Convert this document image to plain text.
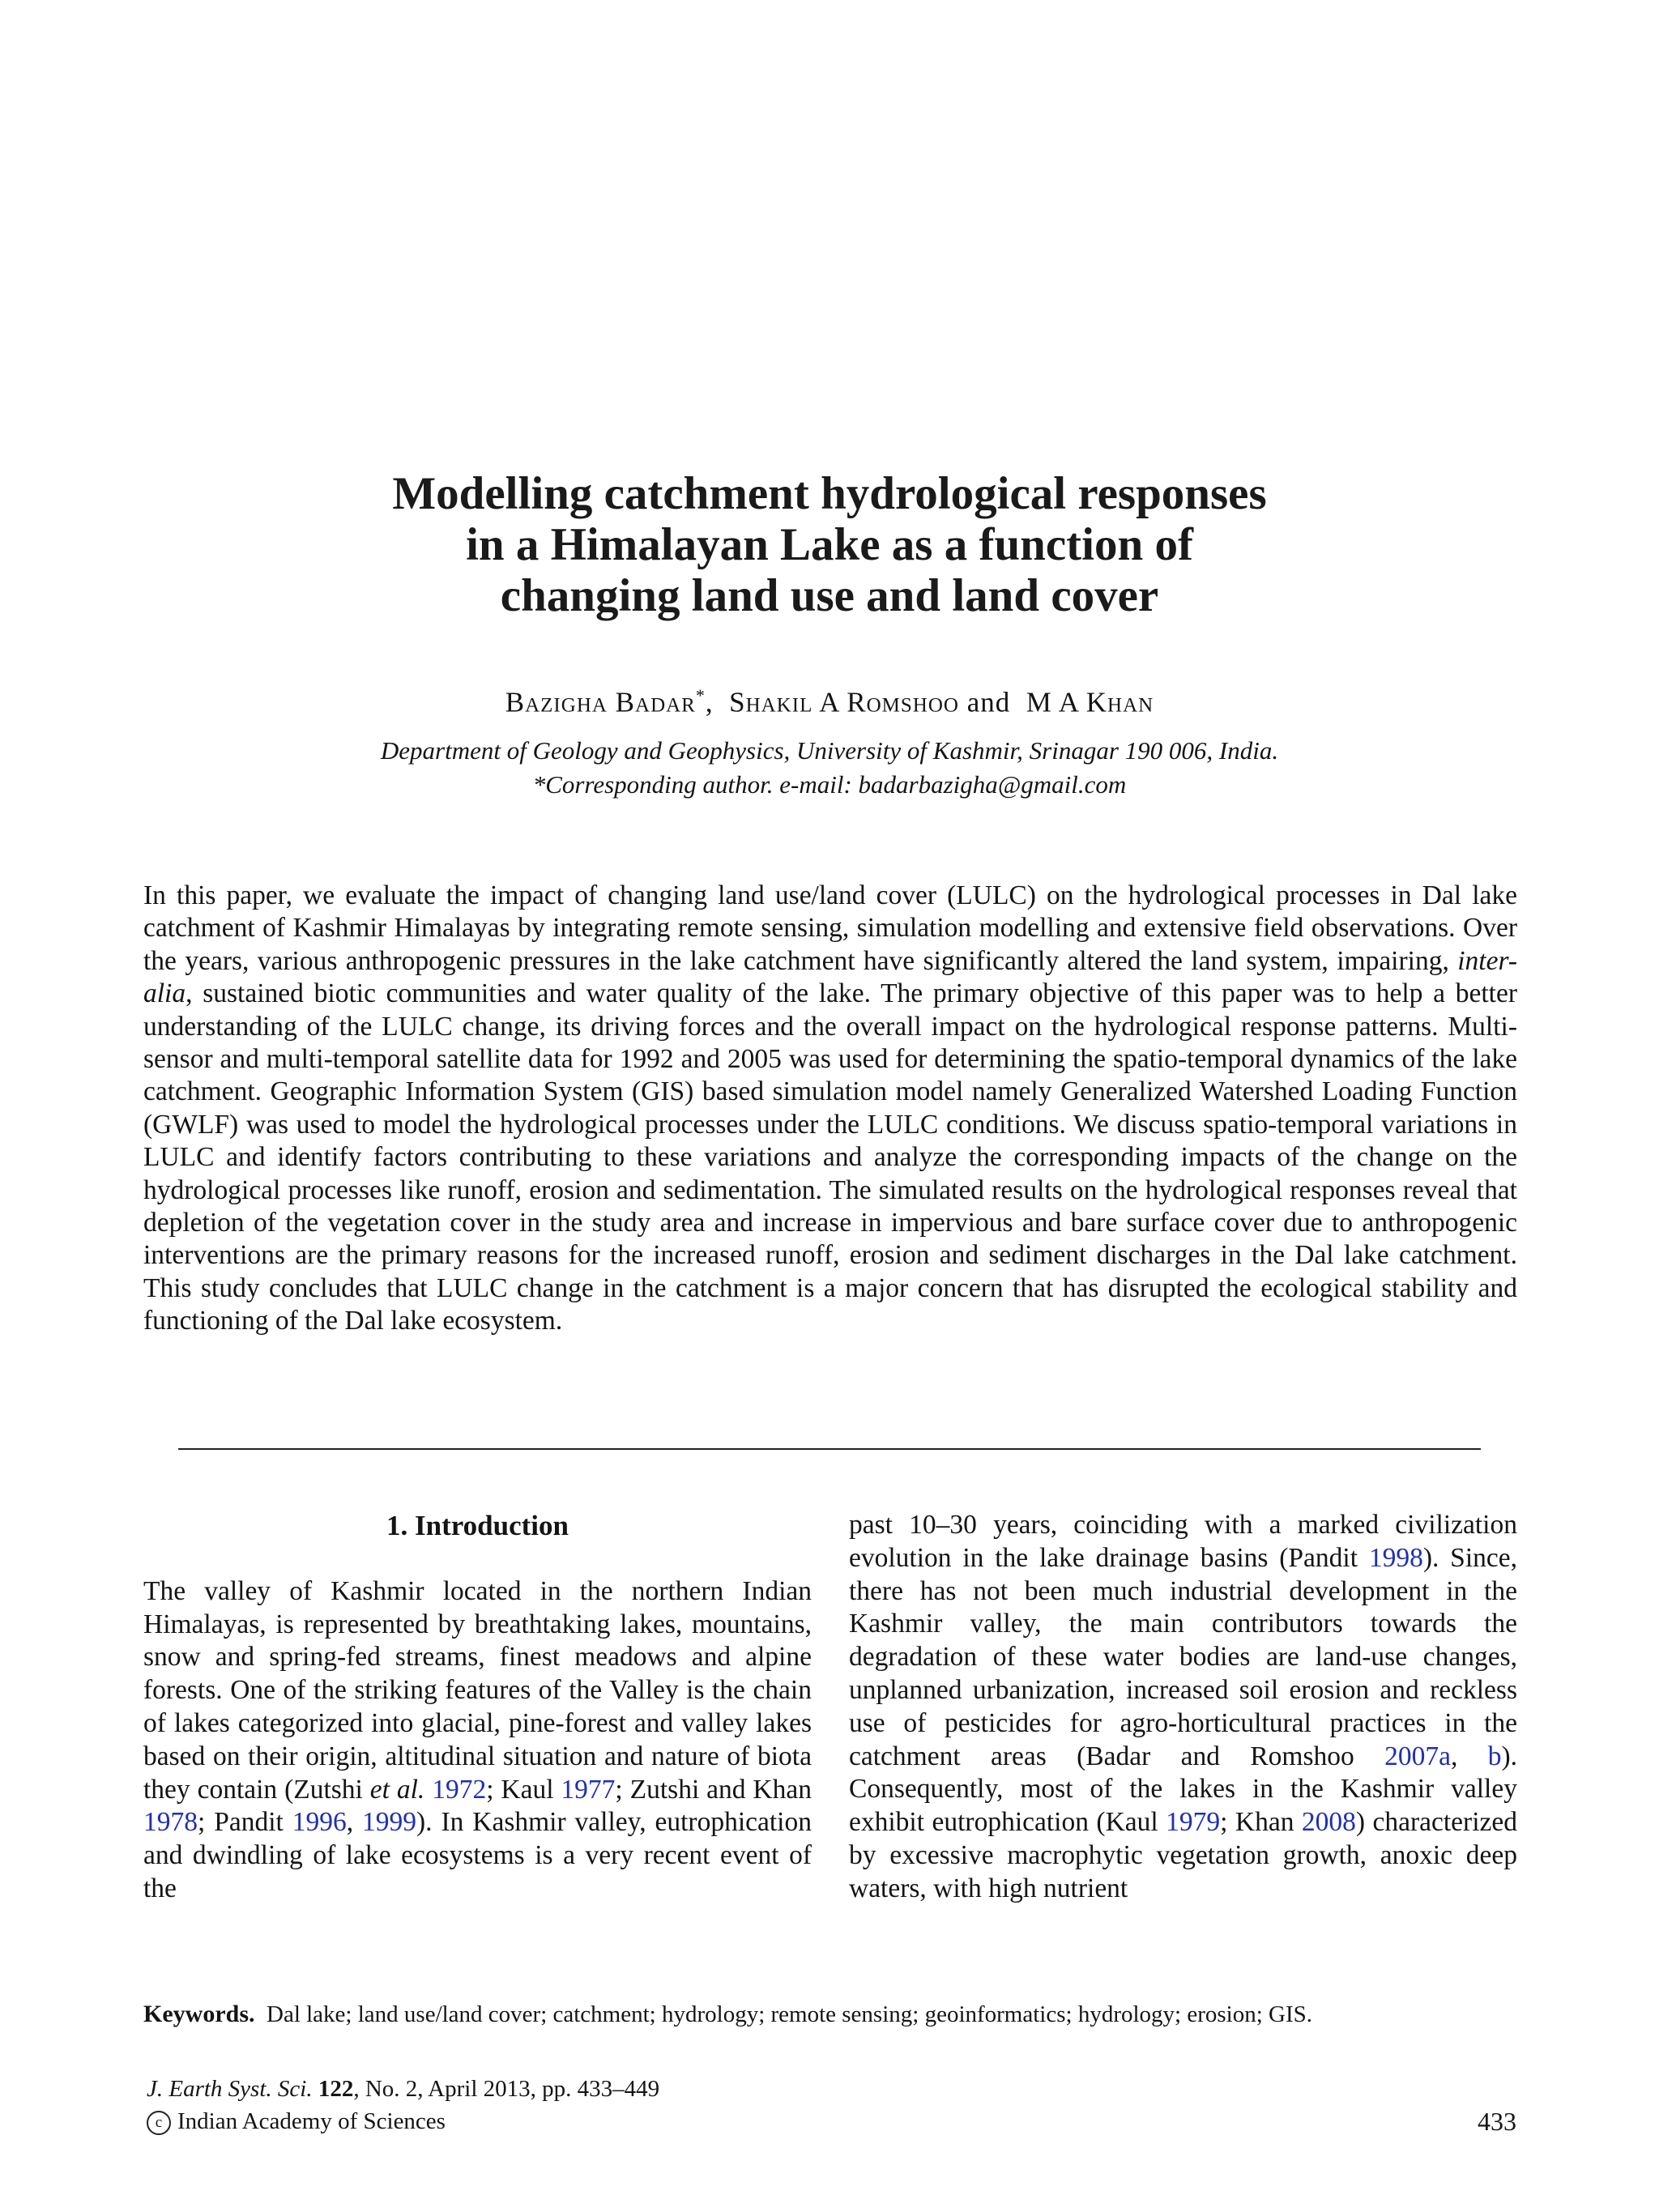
Modelling catchment hydrological responses
in a Himalayan Lake as a function of
changing land use and land cover
Bazigha Badar*, Shakil A Romshoo and M A Khan
Department of Geology and Geophysics, University of Kashmir, Srinagar 190 006, India.
*Corresponding author. e-mail: badarbazigha@gmail.com

In this paper, we evaluate the impact of changing land use/land cover (LULC) on the hydrological processes in Dal lake catchment of Kashmir Himalayas by integrating remote sensing, simulation modelling and extensive field observations. Over the years, various anthropogenic pressures in the lake catchment have significantly altered the land system, impairing, inter-alia, sustained biotic communities and water quality of the lake. The primary objective of this paper was to help a better understanding of the LULC change, its driving forces and the overall impact on the hydrological response patterns. Multi-sensor and multi-temporal satellite data for 1992 and 2005 was used for determining the spatio-temporal dynamics of the lake catchment. Geographic Information System (GIS) based simulation model namely Generalized Watershed Loading Function (GWLF) was used to model the hydrological processes under the LULC conditions. We discuss spatio-temporal variations in LULC and identify factors contributing to these variations and analyze the corresponding impacts of the change on the hydrological processes like runoff, erosion and sedimentation. The simulated results on the hydrological responses reveal that depletion of the vegetation cover in the study area and increase in impervious and bare surface cover due to anthropogenic interventions are the primary reasons for the increased runoff, erosion and sediment discharges in the Dal lake catchment. This study concludes that LULC change in the catchment is a major concern that has disrupted the ecological stability and functioning of the Dal lake ecosystem.

1. Introduction

The valley of Kashmir located in the northern Indian Himalayas, is represented by breathtaking lakes, mountains, snow and spring-fed streams, finest meadows and alpine forests. One of the striking features of the Valley is the chain of lakes categorized into glacial, pine-forest and valley lakes based on their origin, altitudinal situation and nature of biota they contain (Zutshi et al. 1972; Kaul 1977; Zutshi and Khan 1978; Pandit 1996, 1999). In Kashmir valley, eutrophication and dwindling of lake ecosystems is a very recent event of the

past 10–30 years, coinciding with a marked civilization evolution in the lake drainage basins (Pandit 1998). Since, there has not been much industrial development in the Kashmir valley, the main contributors towards the degradation of these water bodies are land-use changes, unplanned urbanization, increased soil erosion and reckless use of pesticides for agro-horticultural practices in the catchment areas (Badar and Romshoo 2007a, b). Consequently, most of the lakes in the Kashmir valley exhibit eutrophication (Kaul 1979; Khan 2008) characterized by excessive macrophytic vegetation growth, anoxic deep waters, with high nutrient

Keywords. Dal lake; land use/land cover; catchment; hydrology; remote sensing; geoinformatics; hydrology; erosion; GIS.
J. Earth Syst. Sci. 122, No. 2, April 2013, pp. 433–449
c Indian Academy of Sciences	433
